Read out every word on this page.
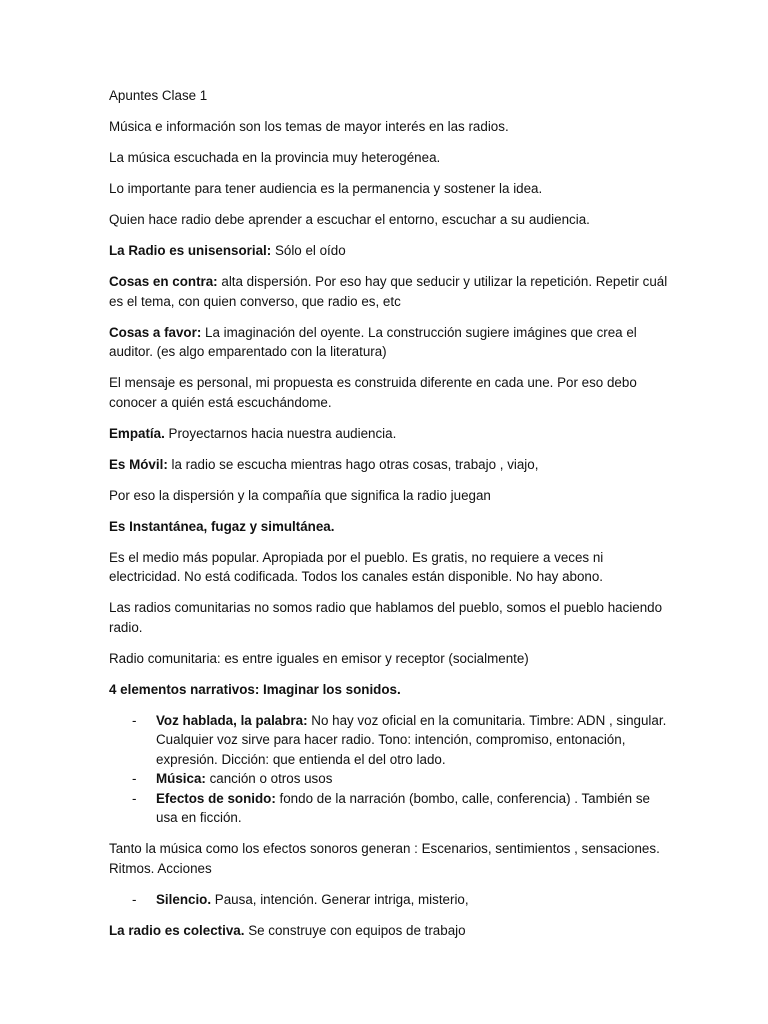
Apuntes Clase 1

Música e información son los temas de mayor interés en las radios.

La música escuchada en la provincia muy heterogénea.

Lo importante para tener audiencia es la permanencia y sostener la idea.

Quien hace radio debe aprender a escuchar el entorno, escuchar a su audiencia.

La Radio es unisensorial: Sólo el oído

Cosas en contra: alta dispersión. Por eso hay que seducir y utilizar la repetición. Repetir cuál es el tema, con quien converso, que radio es, etc

Cosas a favor: La imaginación del oyente. La construcción sugiere imágines que crea el auditor. (es algo emparentado con la literatura)

El mensaje es personal, mi propuesta es construida diferente en cada une. Por eso debo conocer a quién está escuchándome.

Empatía. Proyectarnos hacia nuestra audiencia.

Es Móvil: la radio se escucha mientras hago otras cosas, trabajo , viajo,

Por eso la dispersión y la compañía que significa la radio juegan

Es Instantánea, fugaz y simultánea.

Es el medio más popular. Apropiada por el pueblo. Es gratis, no requiere a veces ni electricidad. No está codificada. Todos los canales están disponible. No hay abono.

Las radios comunitarias no somos radio que hablamos del pueblo, somos el pueblo haciendo radio.

Radio comunitaria: es entre iguales en emisor y receptor (socialmente)

4 elementos narrativos: Imaginar los sonidos.

- Voz hablada, la palabra: No hay voz oficial en la comunitaria. Timbre: ADN , singular. Cualquier voz sirve para hacer radio. Tono: intención, compromiso, entonación, expresión. Dicción: que entienda el del otro lado.

- Música: canción o otros usos

- Efectos de sonido: fondo de la narración (bombo, calle, conferencia) . También se usa en ficción.

Tanto la música como los efectos sonoros generan : Escenarios, sentimientos , sensaciones. Ritmos. Acciones

- Silencio. Pausa, intención. Generar intriga, misterio,

La radio es colectiva. Se construye con equipos de trabajo
